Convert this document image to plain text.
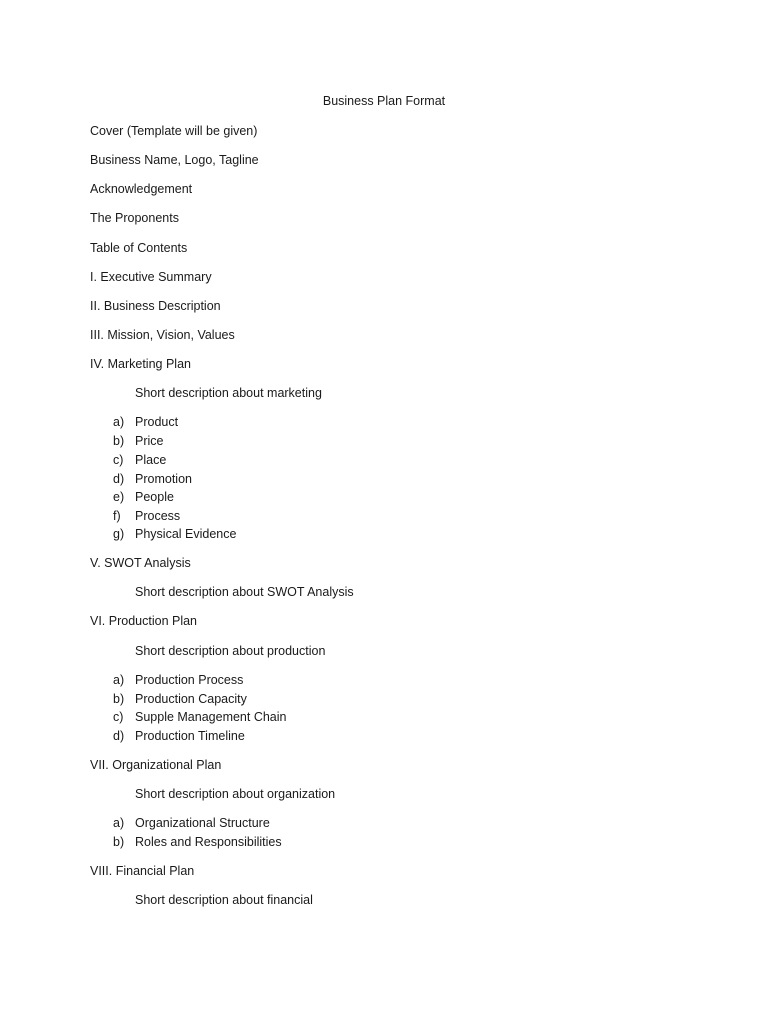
Business Plan Format
Cover (Template will be given)
Business Name, Logo, Tagline
Acknowledgement
The Proponents
Table of Contents
I. Executive Summary
II. Business Description
III. Mission, Vision, Values
IV. Marketing Plan
Short description about marketing
a) Product
b) Price
c) Place
d) Promotion
e) People
f) Process
g) Physical Evidence
V. SWOT Analysis
Short description about SWOT Analysis
VI. Production Plan
Short description about production
a) Production Process
b) Production Capacity
c) Supple Management Chain
d) Production Timeline
VII. Organizational Plan
Short description about organization
a) Organizational Structure
b) Roles and Responsibilities
VIII. Financial Plan
Short description about financial
